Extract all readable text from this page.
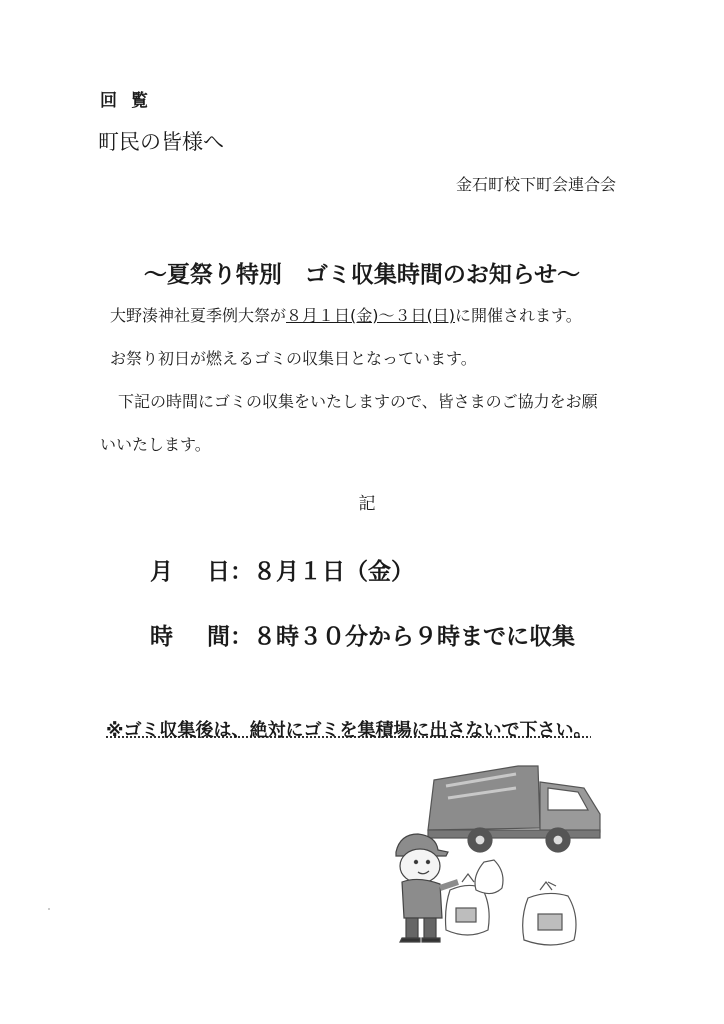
回覧
町民の皆様へ
金石町校下町会連合会
～夏祭り特別　ゴミ収集時間のお知らせ～
大野湊神社夏季例大祭が８月１日(金)～３日(日)に開催されます。
お祭り初日が燃えるゴミの収集日となっています。
下記の時間にゴミの収集をいたしますので、皆さまのご協力をお願
いいたします。
記
月 日：８月１日（金）
時 間：８時３０分から９時までに収集
※ゴミ収集後は、絶対にゴミを集積場に出さないで下さい。
